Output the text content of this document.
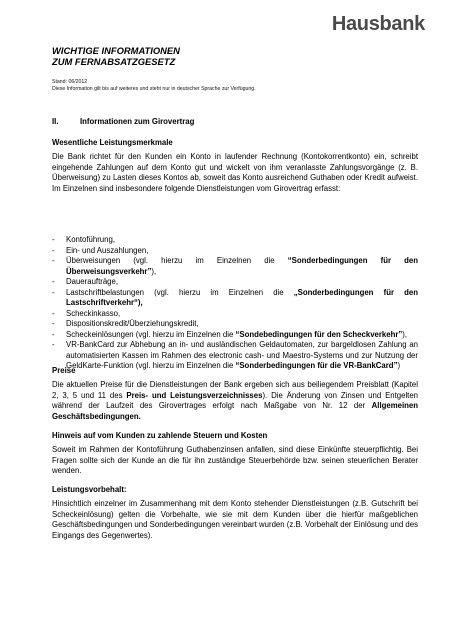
Hausbank
WICHTIGE INFORMATIONEN
ZUM FERNABSATZGESETZ
Stand: 06/2012
Diese Information gilt bis auf weiteres und steht nur in deutscher Sprache zur Verfügung.
II.	Informationen zum Girovertrag
Wesentliche Leistungsmerkmale
Die Bank richtet für den Kunden ein Konto in laufender Rechnung (Kontokorrentkonto) ein, schreibt eingehende Zahlungen auf dem Konto gut und wickelt von ihm veranlasste Zahlungsvorgänge (z. B. Überweisung) zu Lasten dieses Kontos ab, soweit das Konto ausreichend Guthaben oder Kredit aufweist. Im Einzelnen sind insbesondere folgende Dienstleistungen vom Girovertrag erfasst:
- Kontoführung,
- Ein- und Auszahlungen,
- Überweisungen (vgl. hierzu im Einzelnen die “Sonderbedingungen für den Überweisungsverkehr”),
- Daueraufträge,
- Lastschriftbelastungen (vgl. hierzu im Einzelnen die „Sonderbedingungen für den Lastschriftverkehr“),
- Scheckinkasso,
- Dispositionskredit/Überziehungskredit,
- Scheckeinlösungen (vgl. hierzu im Einzelnen die “Sondebedingungen für den Scheckverkehr”),
- VR-BankCard zur Abhebung an in- und ausländischen Geldautomaten, zur bargeldlosen Zahlung an automatisierten Kassen im Rahmen des electronic cash- und Maestro-Systems und zur Nutzung der GeldKarte-Funktion (vgl. hierzu im Einzelnen die “Sonderbedingungen für die VR-BankCard”)
Preise
Die aktuellen Preise für die Dienstleistungen der Bank ergeben sich aus beiliegendem Preisblatt (Kapitel 2, 3, 5 und 11 des Preis- und Leistungsverzeichnisses). Die Änderung von Zinsen und Entgelten während der Laufzeit des Girovertrages erfolgt nach Maßgabe von Nr. 12 der Allgemeinen Geschäftsbedingungen.
Hinweis auf vom Kunden zu zahlende Steuern und Kosten
Soweit im Rahmen der Kontoführung Guthabenzinsen anfallen, sind diese Einkünfte steuerpflichtig. Bei Fragen sollte sich der Kunde an die für ihn zuständige Steuerbehörde bzw. seinen steuerlichen Berater wenden.
Leistungsvorbehalt:
Hinsichtlich einzelner im Zusammenhang mit dem Konto stehender Dienstleistungen (z.B. Gutschrift bei Scheckeinlösung) gelten die Vorbehalte, wie sie mit dem Kunden über die hierfür maßgeblichen Geschäftsbedingungen und Sonderbedingungen vereinbart wurden (z.B. Vorbehalt der Einlösung und des Eingangs des Gegenwertes).
